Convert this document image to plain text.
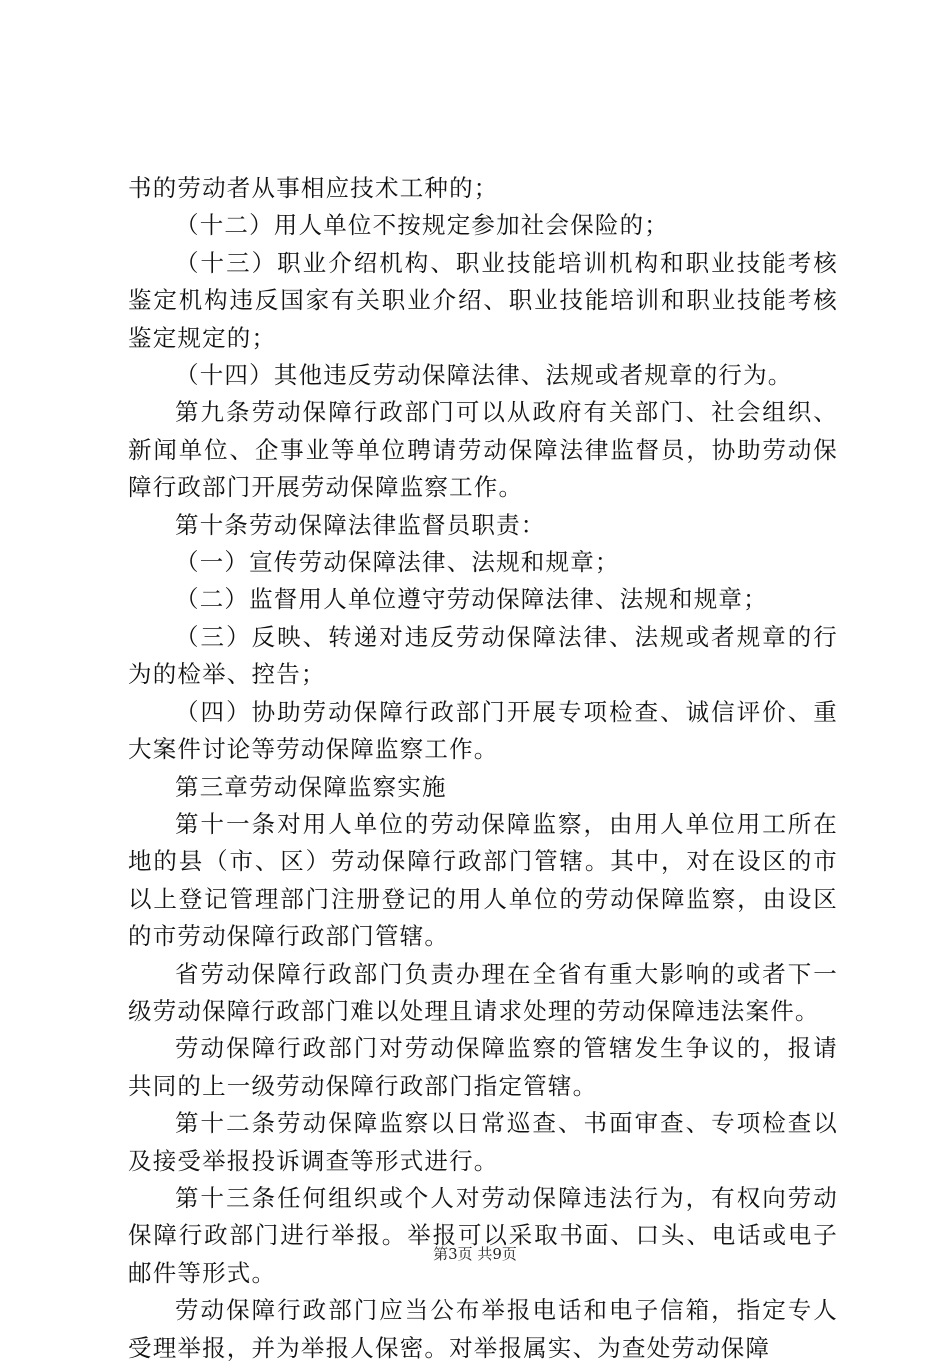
书的劳动者从事相应技术工种的；

（十二）用人单位不按规定参加社会保险的；

（十三）职业介绍机构、职业技能培训机构和职业技能考核鉴定机构违反国家有关职业介绍、职业技能培训和职业技能考核鉴定规定的；

（十四）其他违反劳动保障法律、法规或者规章的行为。

第九条劳动保障行政部门可以从政府有关部门、社会组织、新闻单位、企事业等单位聘请劳动保障法律监督员，协助劳动保障行政部门开展劳动保障监察工作。

第十条劳动保障法律监督员职责：

（一）宣传劳动保障法律、法规和规章；

（二）监督用人单位遵守劳动保障法律、法规和规章；

（三）反映、转递对违反劳动保障法律、法规或者规章的行为的检举、控告；

（四）协助劳动保障行政部门开展专项检查、诚信评价、重大案件讨论等劳动保障监察工作。

第三章劳动保障监察实施

第十一条对用人单位的劳动保障监察，由用人单位用工所在地的县（市、区）劳动保障行政部门管辖。其中，对在设区的市以上登记管理部门注册登记的用人单位的劳动保障监察，由设区的市劳动保障行政部门管辖。

省劳动保障行政部门负责办理在全省有重大影响的或者下一级劳动保障行政部门难以处理且请求处理的劳动保障违法案件。

劳动保障行政部门对劳动保障监察的管辖发生争议的，报请共同的上一级劳动保障行政部门指定管辖。

第十二条劳动保障监察以日常巡查、书面审查、专项检查以及接受举报投诉调查等形式进行。

第十三条任何组织或个人对劳动保障违法行为，有权向劳动保障行政部门进行举报。举报可以采取书面、口头、电话或电子邮件等形式。

劳动保障行政部门应当公布举报电话和电子信箱，指定专人受理举报，并为举报人保密。对举报属实、为查处劳动保障

第3页 共9页
